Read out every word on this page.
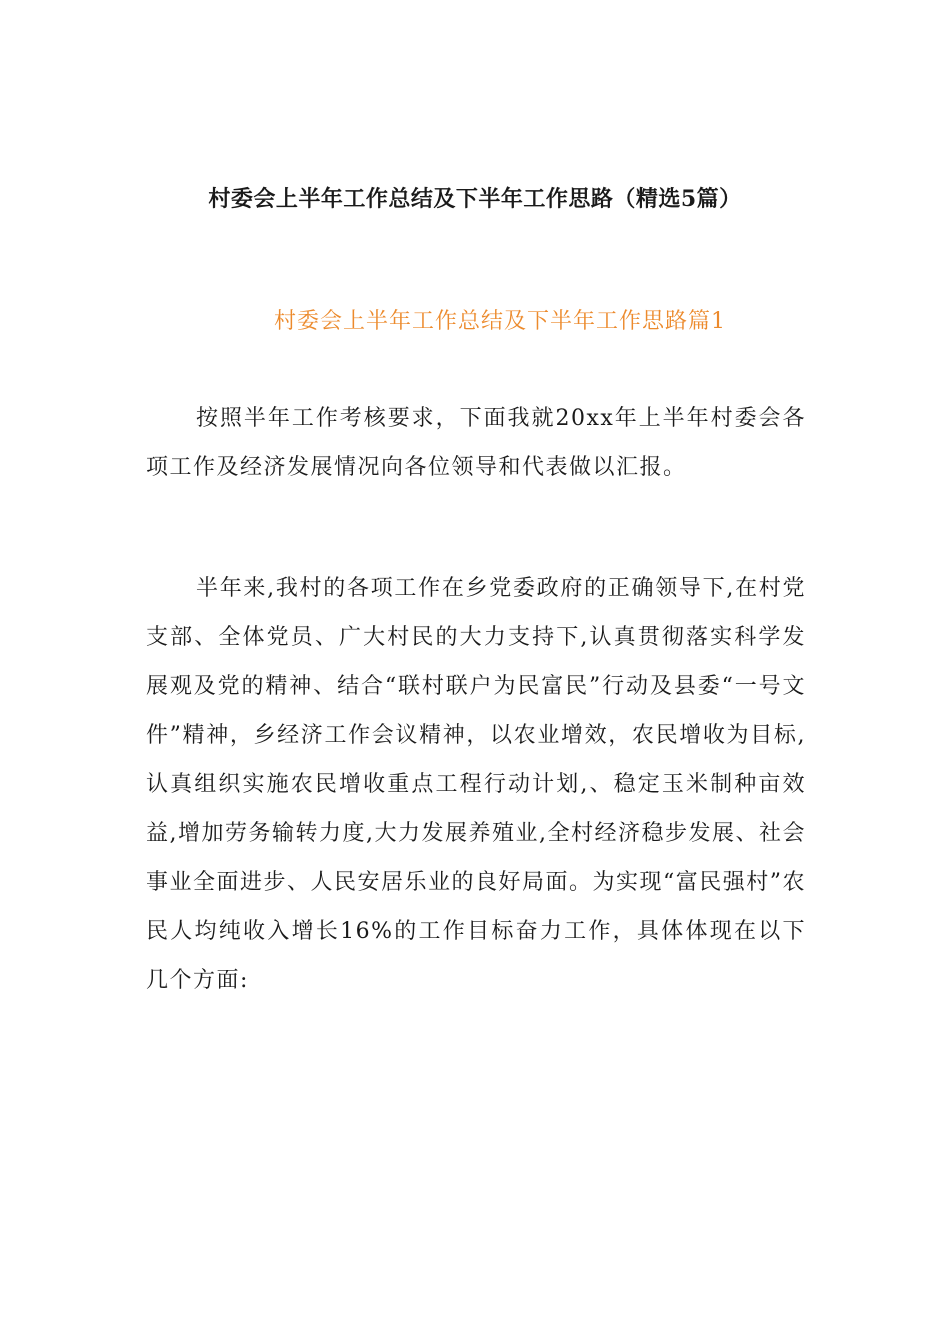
村委会上半年工作总结及下半年工作思路（精选5篇）
村委会上半年工作总结及下半年工作思路篇1

按照半年工作考核要求，下面我就20xx年上半年村委会各项工作及经济发展情况向各位领导和代表做以汇报。

半年来,我村的各项工作在乡党委政府的正确领导下,在村党支部、全体党员、广大村民的大力支持下,认真贯彻落实科学发展观及党的精神、结合“联村联户为民富民”行动及县委“一号文件”精神，乡经济工作会议精神，以农业增效，农民增收为目标,认真组织实施农民增收重点工程行动计划,、稳定玉米制种亩效益,增加劳务输转力度,大力发展养殖业,全村经济稳步发展、社会事业全面进步、人民安居乐业的良好局面。为实现“富民强村”农民人均纯收入增长16%的工作目标奋力工作，具体体现在以下几个方面:
